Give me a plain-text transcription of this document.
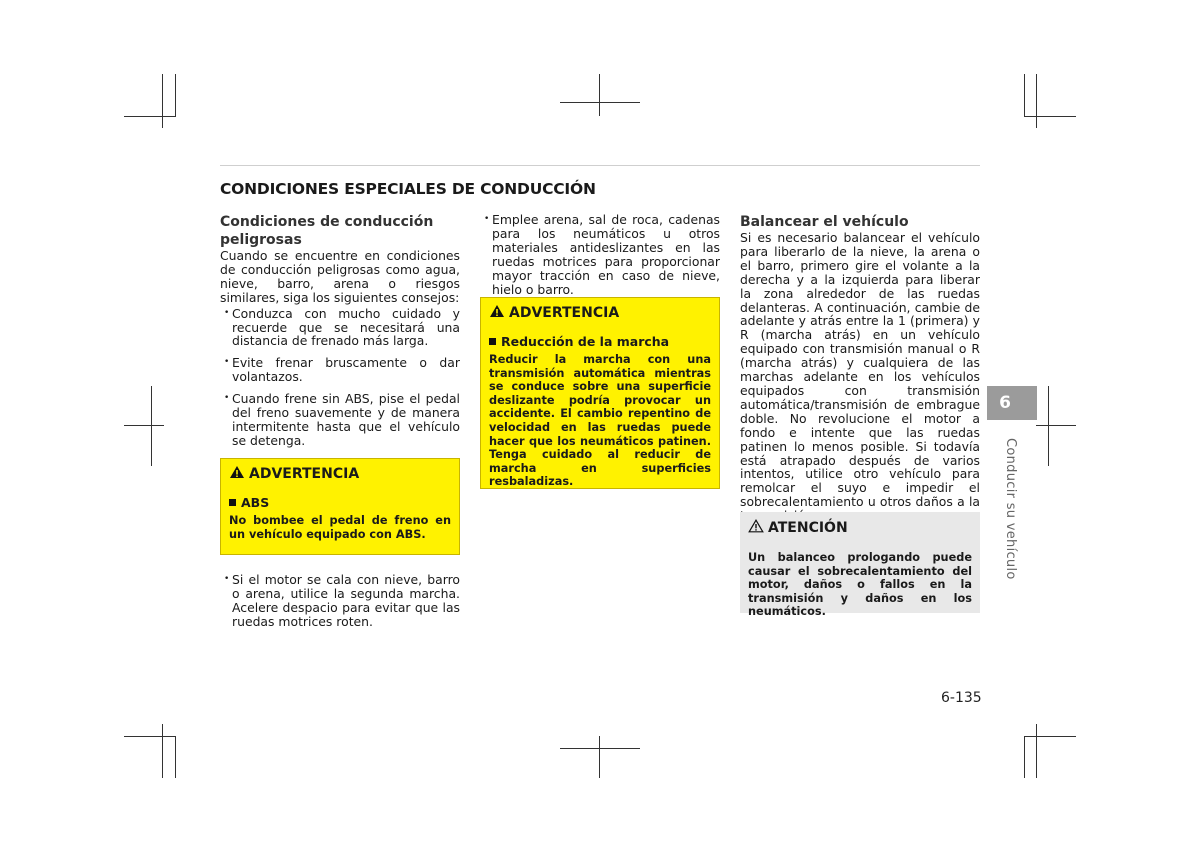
CONDICIONES ESPECIALES DE CONDUCCIÓN
Condiciones de conducción peligrosas

Cuando se encuentre en condiciones de conducción peligrosas como agua, nieve, barro, arena o riesgos similares, siga los siguientes consejos:

• Conduzca con mucho cuidado y recuerde que se necesitará una distancia de frenado más larga.
• Evite frenar bruscamente o dar volantazos.
• Cuando frene sin ABS, pise el pedal del freno suavemente y de manera intermitente hasta que el vehículo se detenga.
ADVERTENCIA
ABS
No bombee el pedal de freno en un vehículo equipado con ABS.
• Si el motor se cala con nieve, barro o arena, utilice la segunda marcha. Acelere despacio para evitar que las ruedas motrices roten.
• Emplee arena, sal de roca, cadenas para los neumáticos u otros materiales antideslizantes en las ruedas motrices para proporcionar mayor tracción en caso de nieve, hielo o barro.
ADVERTENCIA
Reducción de la marcha
Reducir la marcha con una transmisión automática mientras se conduce sobre una superficie deslizante podría provocar un accidente. El cambio repentino de velocidad en las ruedas puede hacer que los neumáticos patinen. Tenga cuidado al reducir de marcha en superficies resbaladizas.
Balancear el vehículo

Si es necesario balancear el vehículo para liberarlo de la nieve, la arena o el barro, primero gire el volante a la derecha y a la izquierda para liberar la zona alrededor de las ruedas delanteras. A continuación, cambie de adelante y atrás entre la 1 (primera) y R (marcha atrás) en un vehículo equipado con transmisión manual o R (marcha atrás) y cualquiera de las marchas adelante en los vehículos equipados con transmisión automática/transmisión de embrague doble. No revolucione el motor a fondo e intente que las ruedas patinen lo menos posible. Si todavía está atrapado después de varios intentos, utilice otro vehículo para remolcar el suyo e impedir el sobrecalentamiento u otros daños a la

ATENCIÓN
Un balanceo prologando puede causar el sobrecalentamiento del motor, daños o fallos en la transmisión y daños en los neumáticos.
6
Conducir su vehículo
6-135
